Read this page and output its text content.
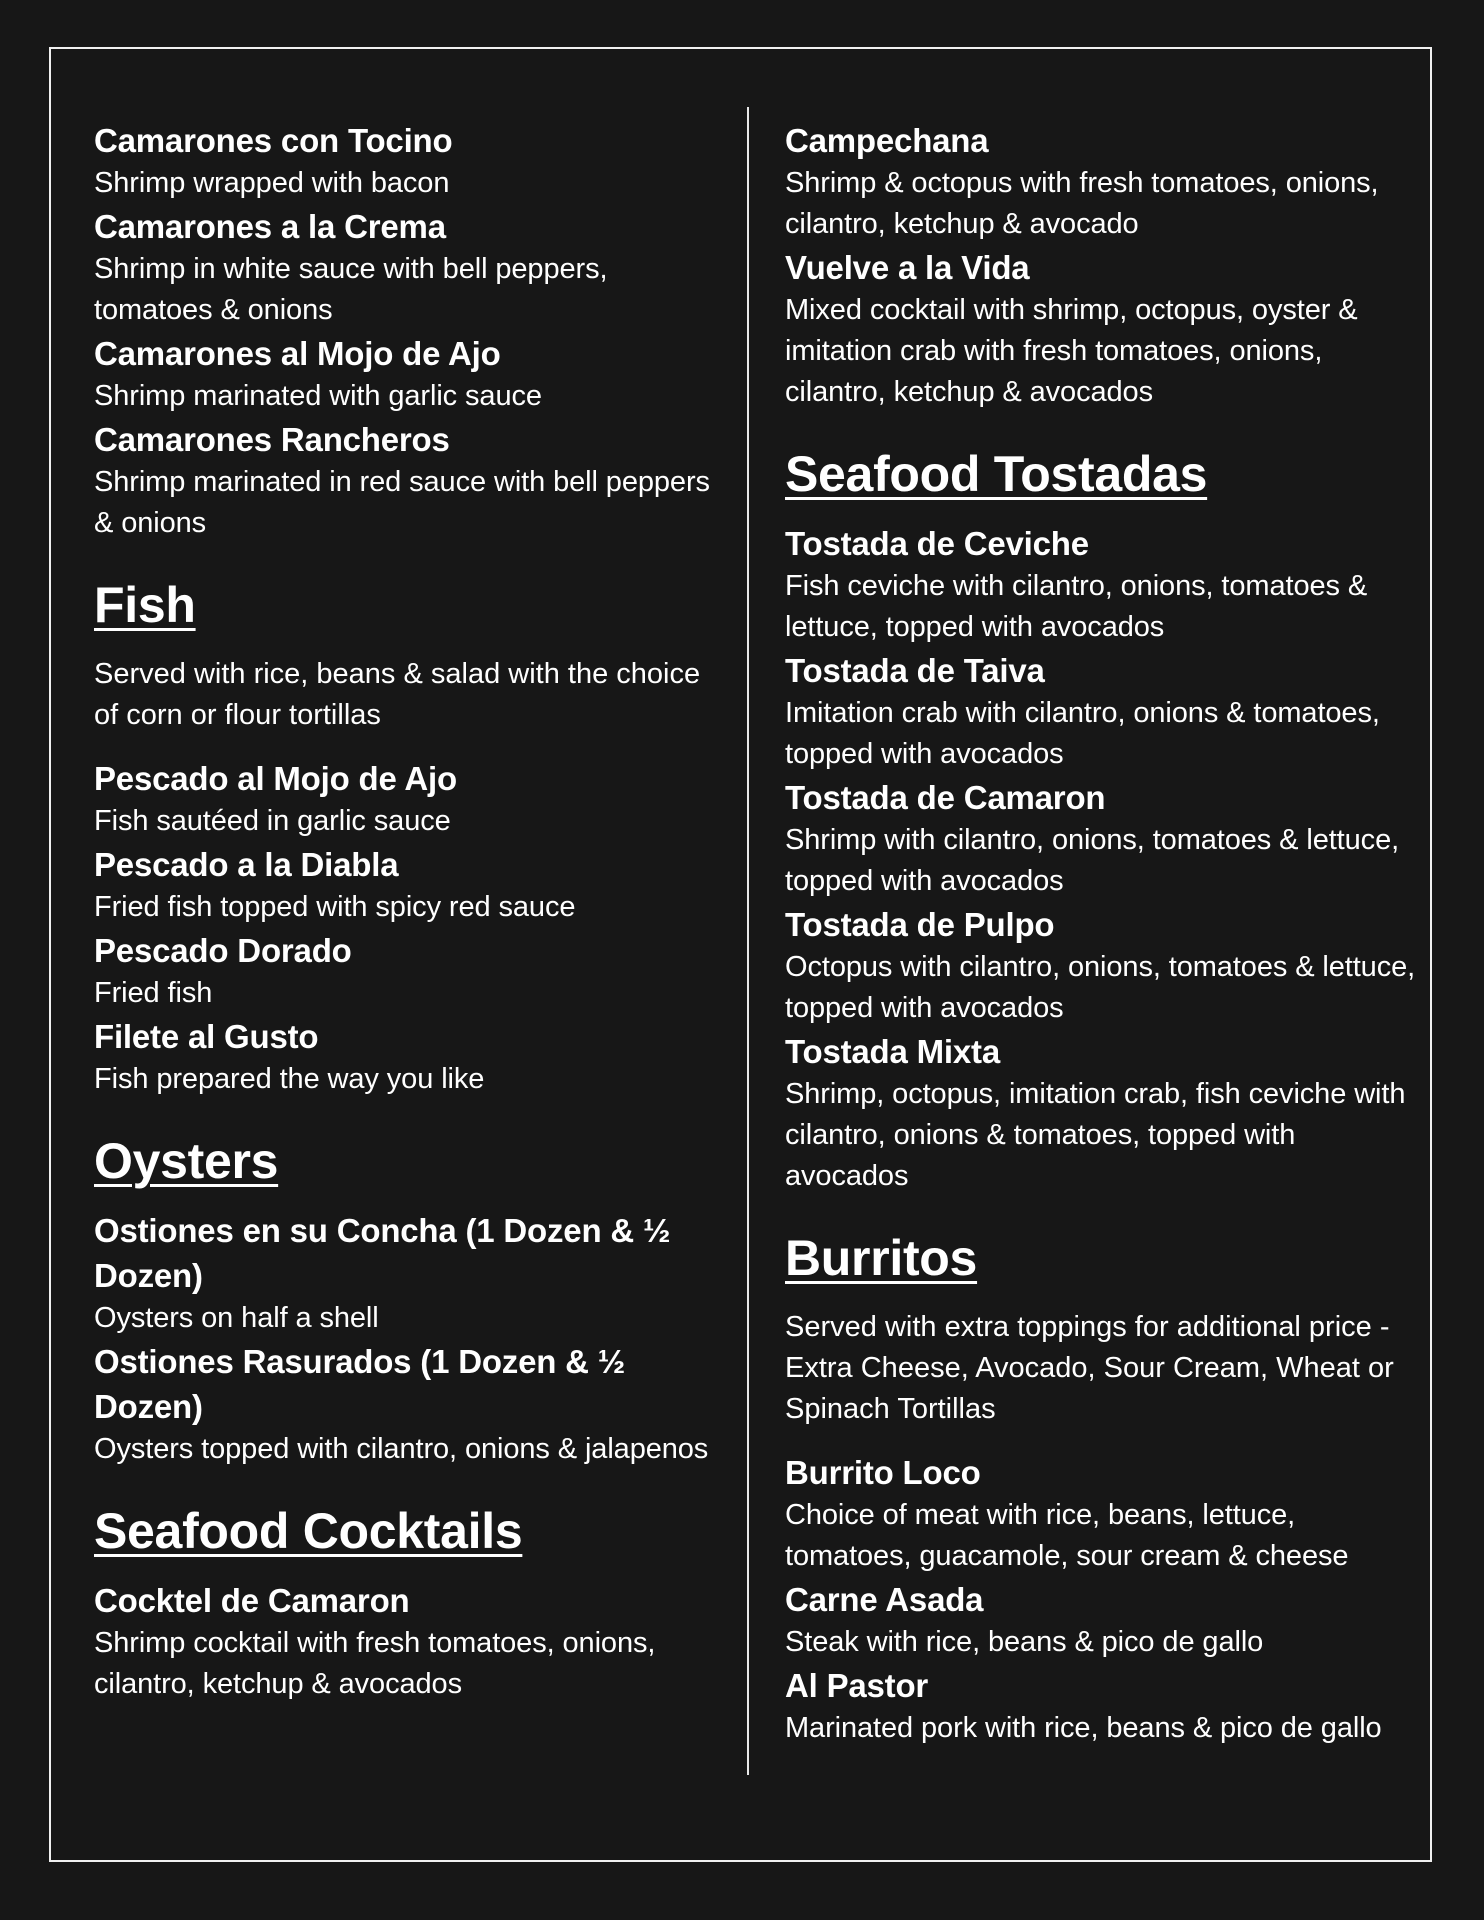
Camarones con Tocino

Shrimp wrapped with bacon

Camarones a la Crema

Shrimp in white sauce with bell peppers, tomatoes & onions

Camarones al Mojo de Ajo

Shrimp marinated with garlic sauce

Camarones Rancheros

Shrimp marinated in red sauce with bell peppers & onions

Fish

Served with rice, beans & salad with the choice of corn or flour tortillas

Pescado al Mojo de Ajo

Fish sautéed in garlic sauce

Pescado a la Diabla

Fried fish topped with spicy red sauce

Pescado Dorado

Fried fish

Filete al Gusto

Fish prepared the way you like

Oysters

Ostiones en su Concha (1 Dozen & ½ Dozen)

Oysters on half a shell

Ostiones Rasurados (1 Dozen & ½ Dozen)

Oysters topped with cilantro, onions & jalapenos

Seafood Cocktails

Cocktel de Camaron

Shrimp cocktail with fresh tomatoes, onions, cilantro, ketchup & avocados

Campechana

Shrimp & octopus with fresh tomatoes, onions, cilantro, ketchup & avocado

Vuelve a la Vida

Mixed cocktail with shrimp, octopus, oyster & imitation crab with fresh tomatoes, onions, cilantro, ketchup & avocados

Seafood Tostadas

Tostada de Ceviche

Fish ceviche with cilantro, onions, tomatoes & lettuce, topped with avocados

Tostada de Taiva

Imitation crab with cilantro, onions & tomatoes, topped with avocados

Tostada de Camaron

Shrimp with cilantro, onions, tomatoes & lettuce, topped with avocados

Tostada de Pulpo

Octopus with cilantro, onions, tomatoes & lettuce, topped with avocados

Tostada Mixta

Shrimp, octopus, imitation crab, fish ceviche with cilantro, onions & tomatoes, topped with avocados

Burritos

Served with extra toppings for additional price - Extra Cheese, Avocado, Sour Cream, Wheat or Spinach Tortillas

Burrito Loco

Choice of meat with rice, beans, lettuce, tomatoes, guacamole, sour cream & cheese

Carne Asada

Steak with rice, beans & pico de gallo

Al Pastor

Marinated pork with rice, beans & pico de gallo
